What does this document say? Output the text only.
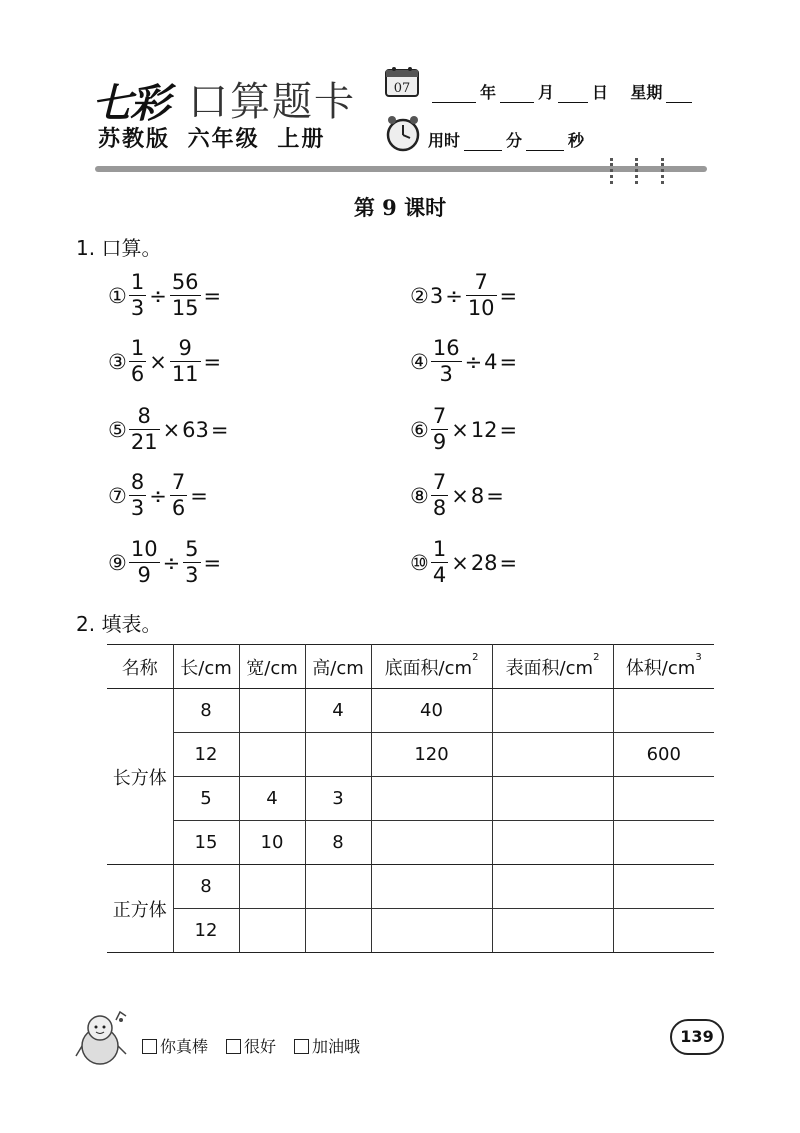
七彩 口算题卡
苏教版 六年级 上册
07	年	月 日 星期
用时	分	秒
第 9 课时
1. 口算。
① $\frac{1}{3} \div \frac{56}{15}$ =	② $3 \div \frac{7}{10}$ =
③ $\frac{1}{6} \times \frac{9}{11}$ =	④ $\frac{16}{3} \div 4$ =
⑤ $\frac{8}{21} \times 63$ =	⑥ $\frac{7}{9} \times 12$ =
⑦ $\frac{8}{3} \div \frac{7}{6}$ =	⑧ $\frac{7}{8} \times 8$ =
⑨ $\frac{10}{9} \div \frac{5}{3}$ =	⑩ $\frac{1}{4} \times 28$ =
2. 填表。
名称	长/cm	宽/cm	高/cm	底面积$/cm^2$	表面积$/cm^2$	体积$/cm^3$
长方体	8		4	40		
	12			120		600
	5	4	3			
	15	10	8			
正方体	8					
	12					
你真棒	很好	加油哦
139
